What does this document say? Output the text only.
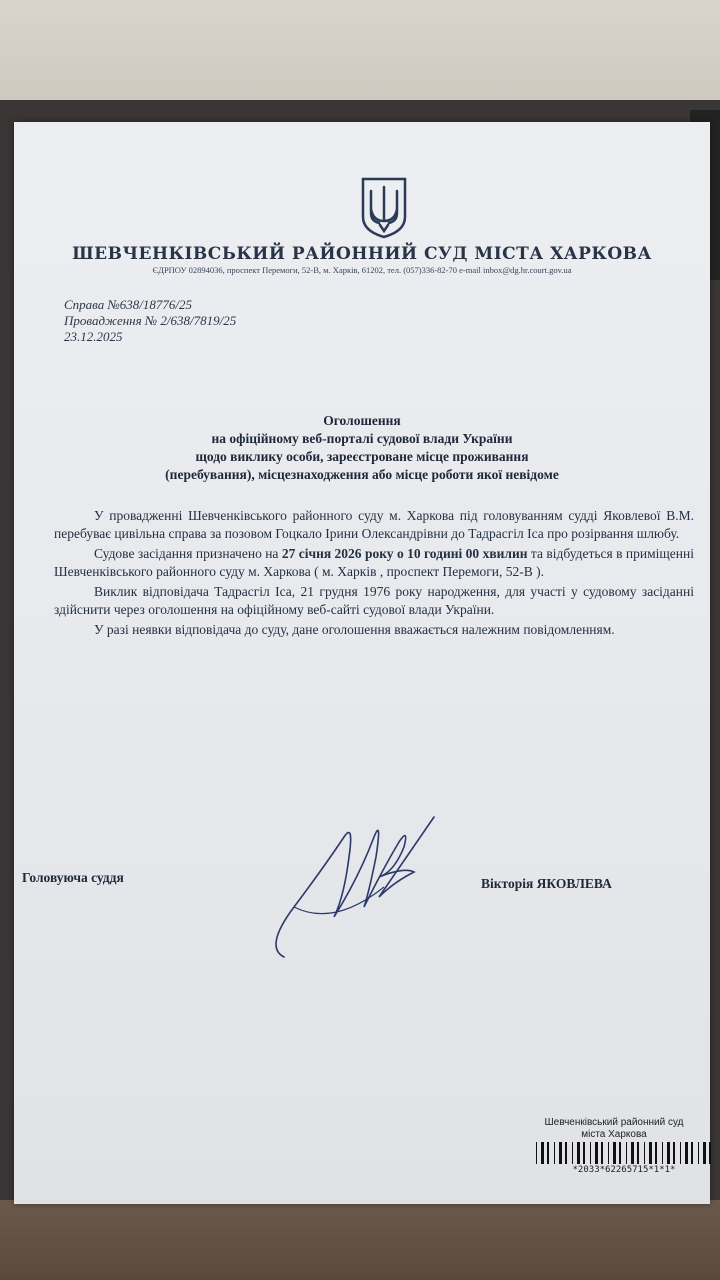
ШЕВЧЕНКІВСЬКИЙ РАЙОННИЙ СУД МІСТА ХАРКОВА
ЄДРПОУ 02894036, проспект Перемоги, 52-В, м. Харків, 61202, тел. (057)336-82-70 e-mail inbox@dg.hr.court.gov.ua
Справа №638/18776/25
Провадження № 2/638/7819/25
23.12.2025
Оголошення
на офіційному веб-порталі судової влади України
щодо виклику особи, зареєстроване місце проживання
(перебування), місцезнаходження або місце роботи якої невідоме

У провадженні Шевченківського районного суду м. Харкова під головуванням судді Яковлевої В.М. перебуває цивільна справа за позовом Гоцкало Ірини Олександрівни до Тадрасгіл Іса про розірвання шлюбу.

Судове засідання призначено на 27 січня 2026 року о 10 годині 00 хвилин та відбудеться в приміщенні Шевченківського районного суду м. Харкова ( м. Харків , проспект Перемоги, 52-В ).

Виклик відповідача Тадрасгіл Іса, 21 грудня 1976 року народження, для участі у судовому засіданні здійснити через оголошення на офіційному веб-сайті судової влади України.

У разі неявки відповідача до суду, дане оголошення вважається належним повідомленням.

Головуюча суддя	Вікторія ЯКОВЛЕВА
Шевченківський районний суд
міста Харкова
*2033*62265715*1*1*
